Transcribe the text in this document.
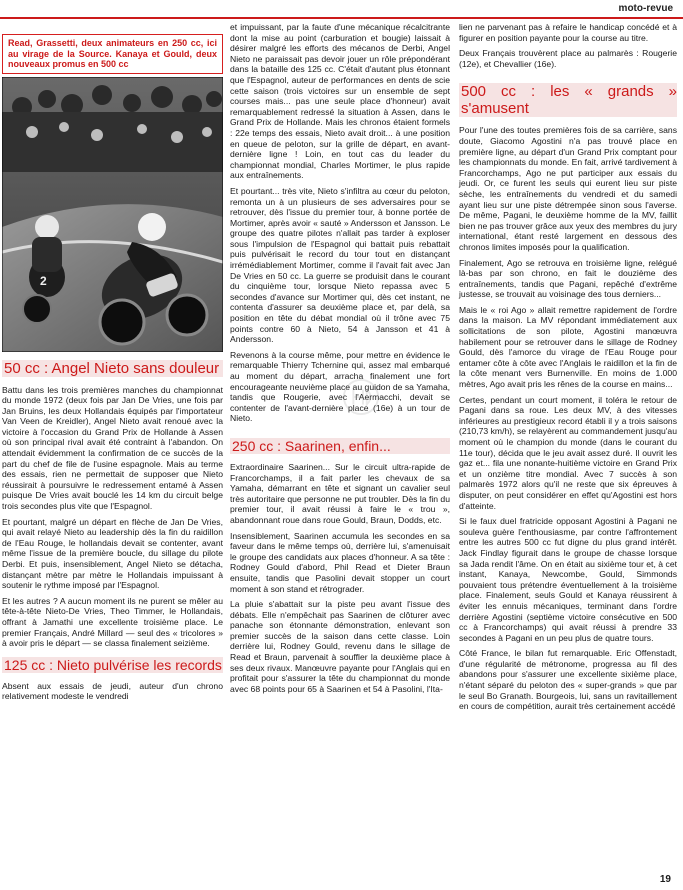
moto-revue
Read, Grassetti, deux animateurs en 250 cc, ici au virage de la Source. Kanaya et Gould, deux nouveaux promus en 500 cc
2
50 cc : Angel Nieto sans douleur

Battu dans les trois premières manches du championnat du monde 1972 (deux fois par Jan De Vries, une fois par Jan Bruins, les deux Hollandais équipés par l'importateur Van Veen de Kreidler), Angel Nieto avait renoué avec la victoire à l'occasion du Grand Prix de Hollande à Assen où son principal rival avait été contraint à l'abandon. On attendait évidemment la confirmation de ce succès de la part du chef de file de l'usine espagnole. Mais au terme des essais, rien ne permettait de supposer que Nieto réussirait à poursuivre le redressement entamé à Assen puisque De Vries avait bouclé les 14 km du circuit belge trois secondes plus vite que l'Espagnol.

Et pourtant, malgré un départ en flèche de Jan De Vries, qui avait relayé Nieto au leadership dès la fin du raidillon de l'Eau Rouge, le hollandais devait se contenter, avant même l'issue de la première boucle, du sillage du pilote Derbi. Et puis, insensiblement, Angel Nieto se détacha, distançant mètre par mètre le Hollandais impuissant à soutenir le rythme imposé par l'Espagnol.

Et les autres ? A aucun moment ils ne purent se mêler au tête-à-tête Nieto-De Vries, Theo Timmer, le Hollandais, offrant à Jamathi une excellente troisième place. Le premier Français, André Millard — seul des « tricolores » à avoir pris le départ — se classa finalement seizième.

125 cc : Nieto pulvérise les records

Absent aux essais de jeudi, auteur d'un chrono relativement modeste le vendredi

et impuissant, par la faute d'une mécanique récalcitrante dont la mise au point (carburation et bougie) laissait à désirer malgré les efforts des mécanos de Derbi, Angel Nieto ne paraissait pas devoir jouer un rôle prépondérant dans la bataille des 125 cc. C'était d'autant plus étonnant que l'Espagnol, auteur de performances en dents de scie cette saison (trois victoires sur un ensemble de sept courses mais... pas une seule place d'honneur) avait remarquablement redressé la situation à Assen, dans le Grand Prix de Hollande. Mais les chronos étaient formels : 22e temps des essais, Nieto avait droit... à une position en queue de peloton, sur la grille de départ, en avant-dernière ligne ! Loin, en tout cas du leader du championnat mondial, Charles Mortimer, le plus rapide aux entraînements.

Et pourtant... très vite, Nieto s'infiltra au cœur du peloton, remonta un à un plusieurs de ses adversaires pour se retrouver, dès l'issue du premier tour, à bonne portée de Mortimer, après avoir « sauté » Andersson et Jansson. Le groupe des quatre pilotes n'allait pas tarder à exploser sous l'impulsion de l'Espagnol qui battait puis rebattait puis pulvérisait le record du tour tout en distançant irrémédiablement Mortimer, comme il l'avait fait avec Jan De Vries en 50 cc. La guerre se produisit dans le courant du cinquième tour, lorsque Nieto repassa avec 5 secondes d'avance sur Mortimer qui, dès cet instant, ne contenta d'assurer sa deuxième place et, par delà, sa position en tête du débat mondial où il trône avec 75 points contre 60 à Nieto, 54 à Jansson et 41 à Andersson.

Revenons à la course même, pour mettre en évidence le remarquable Thierry Tchernine qui, assez mal embarqué au moment du départ, arracha finalement une fort encourageante neuvième place au guidon de sa Yamaha, tandis que Rougerie, avec l'Aermacchi, devait se contenter de l'avant-dernière place (16e) à un tour de Nieto.

250 cc : Saarinen, enfin...

Extraordinaire Saarinen... Sur le circuit ultra-rapide de Francorchamps, il a fait parler les chevaux de sa Yamaha, démarrant en tête et signant un cavalier seul très autoritaire que personne ne put troubler. Dès la fin du premier tour, il avait réussi à faire le « trou », abandonnant roue dans roue Gould, Braun, Dodds, etc.

Insensiblement, Saarinen accumula les secondes en sa faveur dans le même temps où, derrière lui, s'amenuisait le groupe des candidats aux places d'honneur. A sa tête : Rodney Gould d'abord, Phil Read et Dieter Braun ensuite, tandis que Pasolini devait stopper un court moment à son stand et rétrograder.

La pluie s'abattait sur la piste peu avant l'issue des débats. Elle n'empêchait pas Saarinen de clôturer avec panache son étonnante démonstration, enlevant son premier succès de la saison dans cette classe. Loin derrière lui, Rodney Gould, revenu dans le sillage de Read et Braun, parvenait à souffler la deuxième place à ses deux rivaux. Manœuvre payante pour l'Anglais qui en profitait pour s'assurer la tête du championnat du monde avec 68 points pour 65 à Saarinen et 54 à Pasolini, l'Ita-

lien ne parvenant pas à refaire le handicap concédé et à figurer en position payante pour la course au titre.

Deux Français trouvèrent place au palmarès : Rougerie (12e), et Chevallier (16e).

500 cc : les « grands » s'amusent

Pour l'une des toutes premières fois de sa carrière, sans doute, Giacomo Agostini n'a pas trouvé place en première ligne, au départ d'un Grand Prix comptant pour les championnats du monde. En fait, arrivé tardivement à Francorchamps, Ago ne put participer aux essais du jeudi. Or, ce furent les seuls qui eurent lieu sur piste sèche, les entraînements du vendredi et du samedi ayant lieu sur une piste détrempée sinon sous l'averse. De même, Pagani, le deuxième homme de la MV, faillit bien ne pas trouver grâce aux yeux des membres du jury international, étant resté largement en dessous des chronos limites imposés pour la qualification.

Finalement, Ago se retrouva en troisième ligne, relégué là-bas par son chrono, en fait le douzième des entraînements, tandis que Pagani, repêché d'extrême justesse, se trouvait au voisinage des tous derniers...

Mais le « roi Ago » allait remettre rapidement de l'ordre dans la maison. La MV répondant immédiatement aux sollicitations de son pilote, Agostini manœuvra habilement pour se retrouver dans le sillage de Rodney Gould, dès l'amorce du virage de l'Eau Rouge pour entamer côte à côte avec l'Anglais le raidillon et la fin de la côte menant vers Burnenville. En moins de 1.000 mètres, Ago avait pris les rênes de la course en mains...

Certes, pendant un court moment, il toléra le retour de Pagani dans sa roue. Les deux MV, à des vitesses inférieures au prestigieux record établi il y a trois saisons (210,73 km/h), se relayèrent au commandement jusqu'au moment où le champion du monde (dans le courant du 11e tour), décida que le jeu avait assez duré. Il ouvrit les gaz et... fila une nonante-huitième victoire en Grand Prix et un onzième titre mondial. Avec 7 succès à son palmarès 1972 alors qu'il ne reste que six épreuves à disputer, on peut considérer en effet qu'Agostini est hors d'atteinte.

Si le faux duel fratricide opposant Agostini à Pagani ne souleva guère l'enthousiasme, par contre l'affrontement entre les autres 500 cc fut digne du plus grand intérêt. Jack Findlay figurait dans le groupe de chasse lorsque sa Jada rendit l'âme. On en était au sixième tour et, à cet instant, Kanaya, Newcombe, Gould, Simmonds pouvaient tous prétendre éventuellement à la troisième place. Finalement, seuls Gould et Kanaya réussirent à éviter les ennuis mécaniques, terminant dans l'ordre derrière Agostini (septième victoire consécutive en 500 cc à Francorchamps) qui avait réussi à prendre 33 secondes à Pagani en un peu plus de quatre tours.

Côté France, le bilan fut remarquable. Eric Offenstadt, d'une régularité de métronome, progressa au fil des abandons pour s'assurer une excellente sixième place, n'étant séparé du peloton des « super-grands » que par le seul Bo Granath. Bourgeois, lui, sans un ravitaillement en cours de compétition, aurait très certainement accédé

19
